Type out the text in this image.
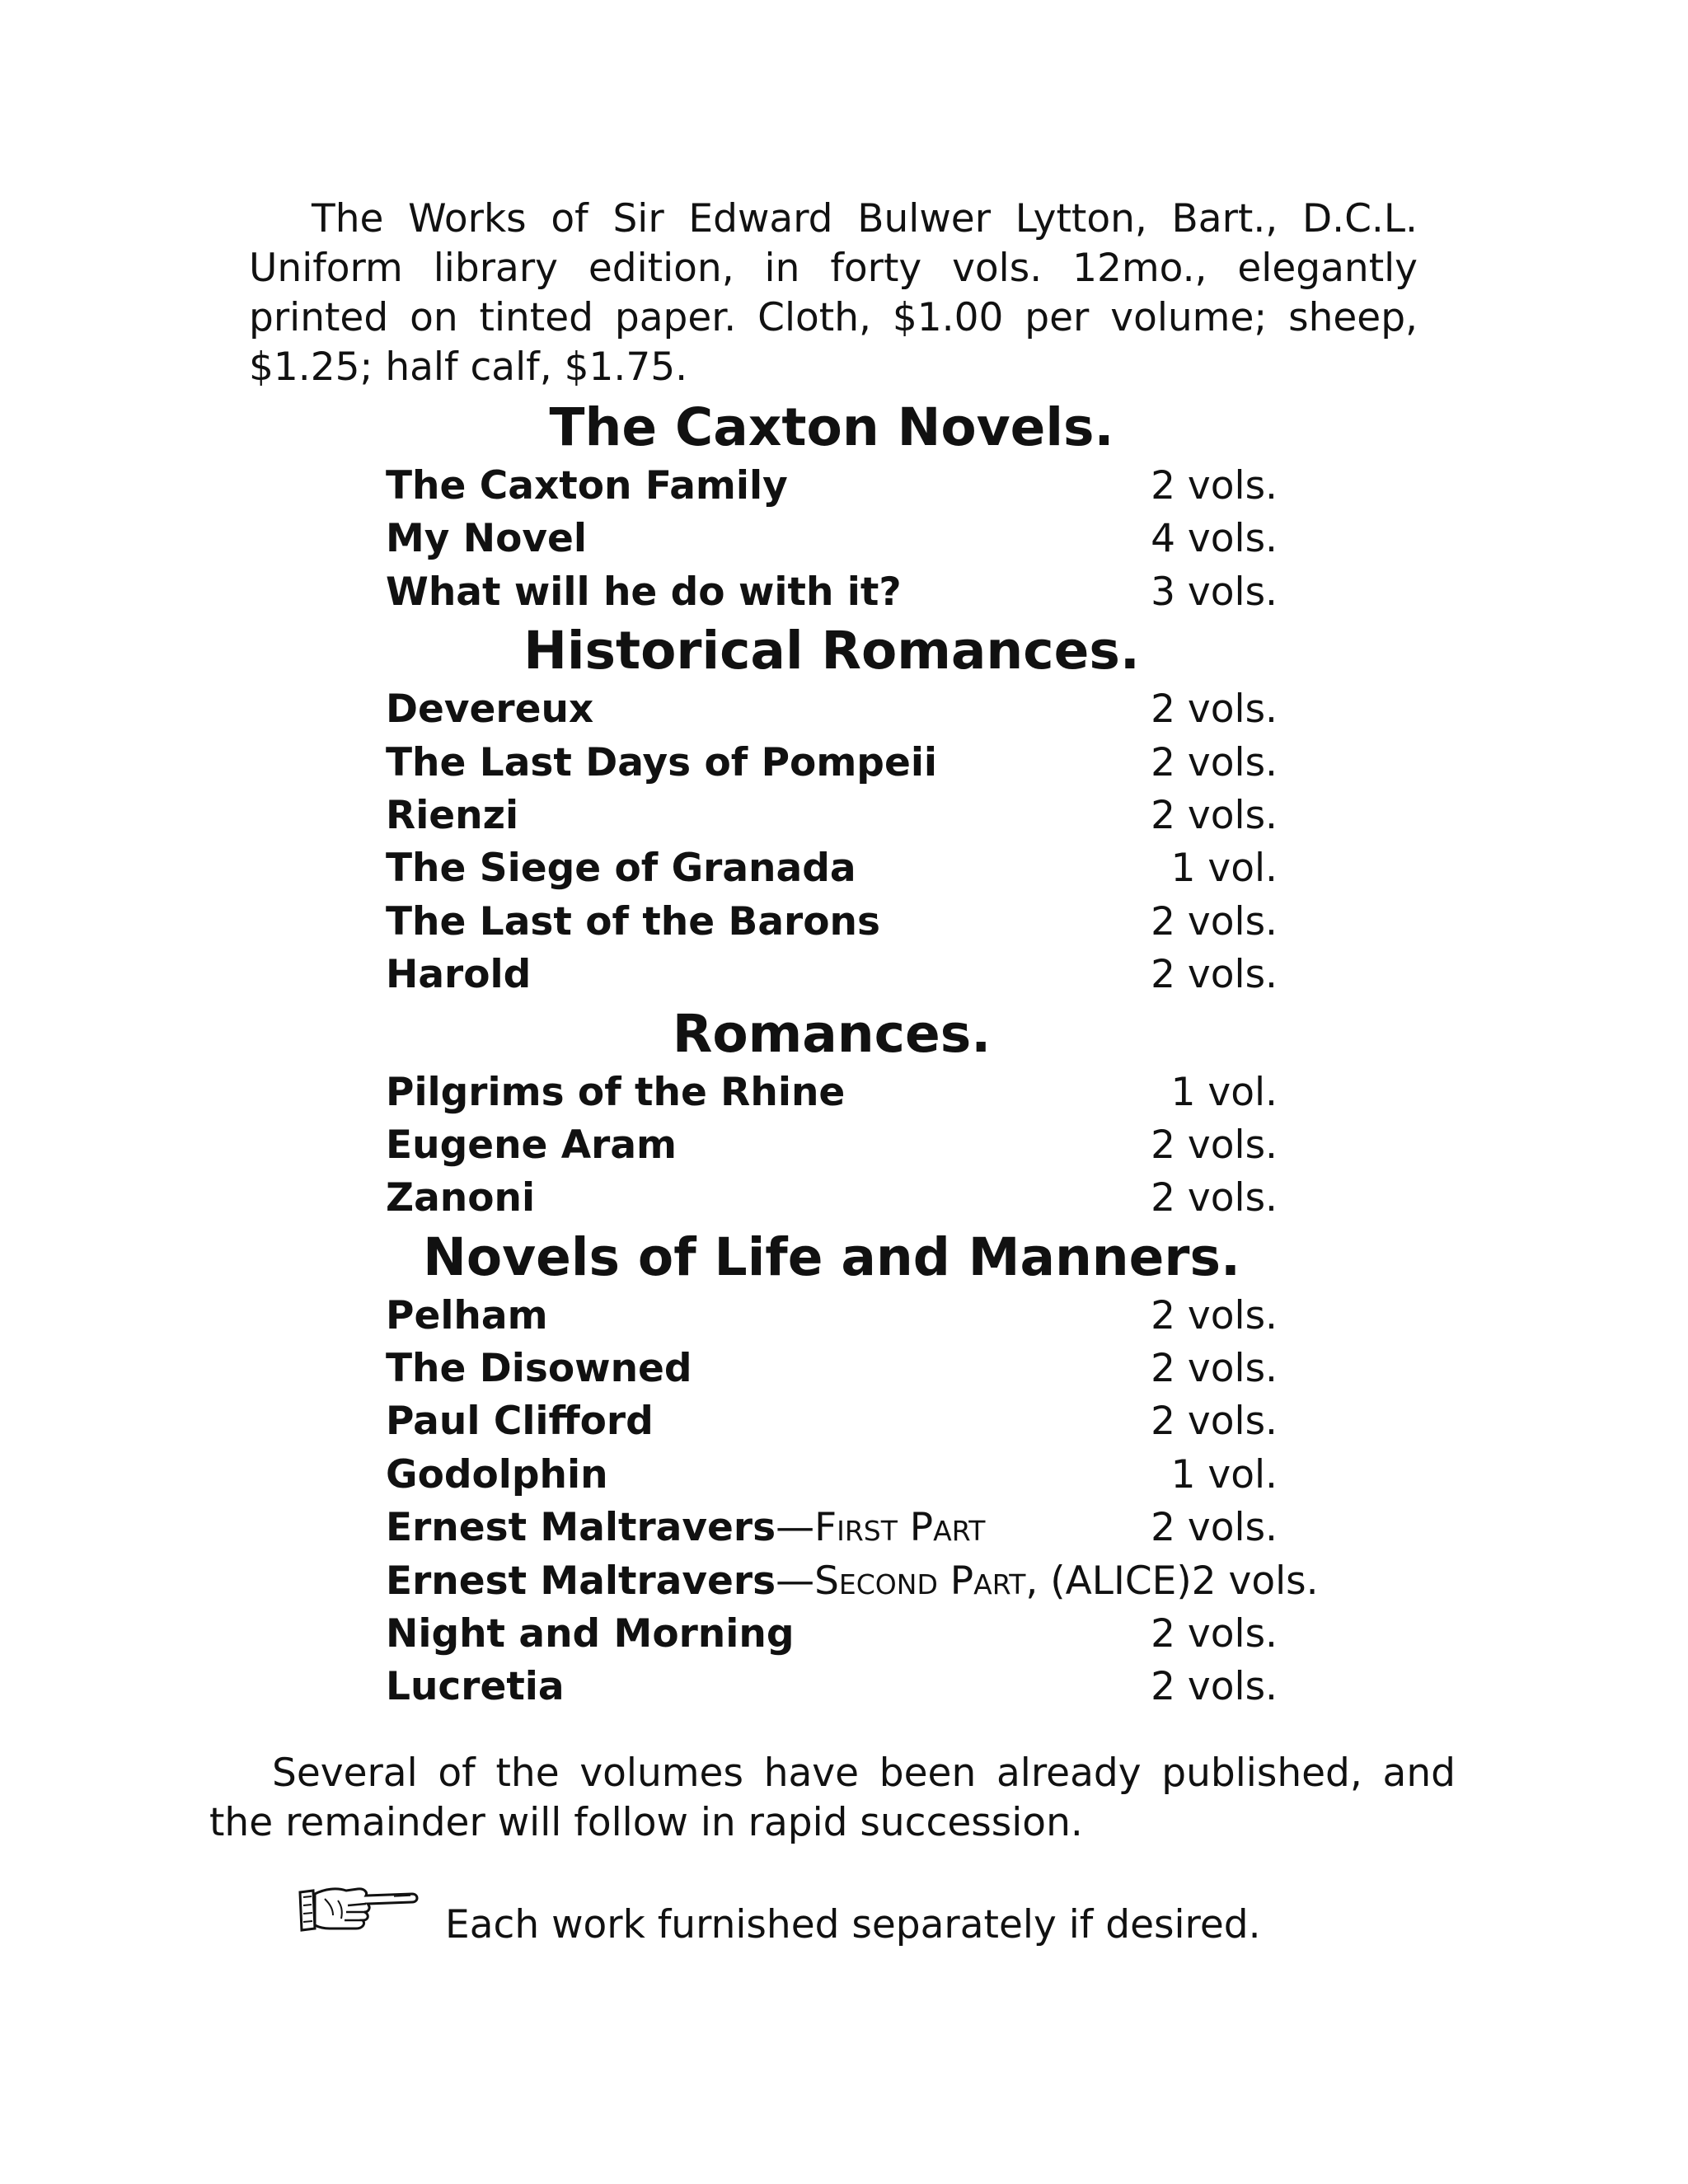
The Works of Sir Edward Bulwer Lytton, Bart., D.C.L. Uniform library edition, in forty vols. 12mo., elegantly printed on tinted paper. Cloth, $1.00 per volume; sheep, $1.25; half calf, $1.75.

The Caxton Novels.
The Caxton Family	2 vols.
My Novel	4 vols.
What will he do with it?	3 vols.
Historical Romances.
Devereux	2 vols.
The Last Days of Pompeii	2 vols.
Rienzi	2 vols.
The Siege of Granada	1 vol.
The Last of the Barons	2 vols.
Harold	2 vols.
Romances.
Pilgrims of the Rhine	1 vol.
Eugene Aram	2 vols.
Zanoni	2 vols.
Novels of Life and Manners.
Pelham	2 vols.
The Disowned	2 vols.
Paul Clifford	2 vols.
Godolphin	1 vol.
Ernest Maltravers—First Part	2 vols.
Ernest Maltravers—Second Part, (ALICE) 2 vols.
Night and Morning	2 vols.
Lucretia	2 vols.

Several of the volumes have been already published, and the remainder will follow in rapid succession.

Each work furnished separately if desired.
